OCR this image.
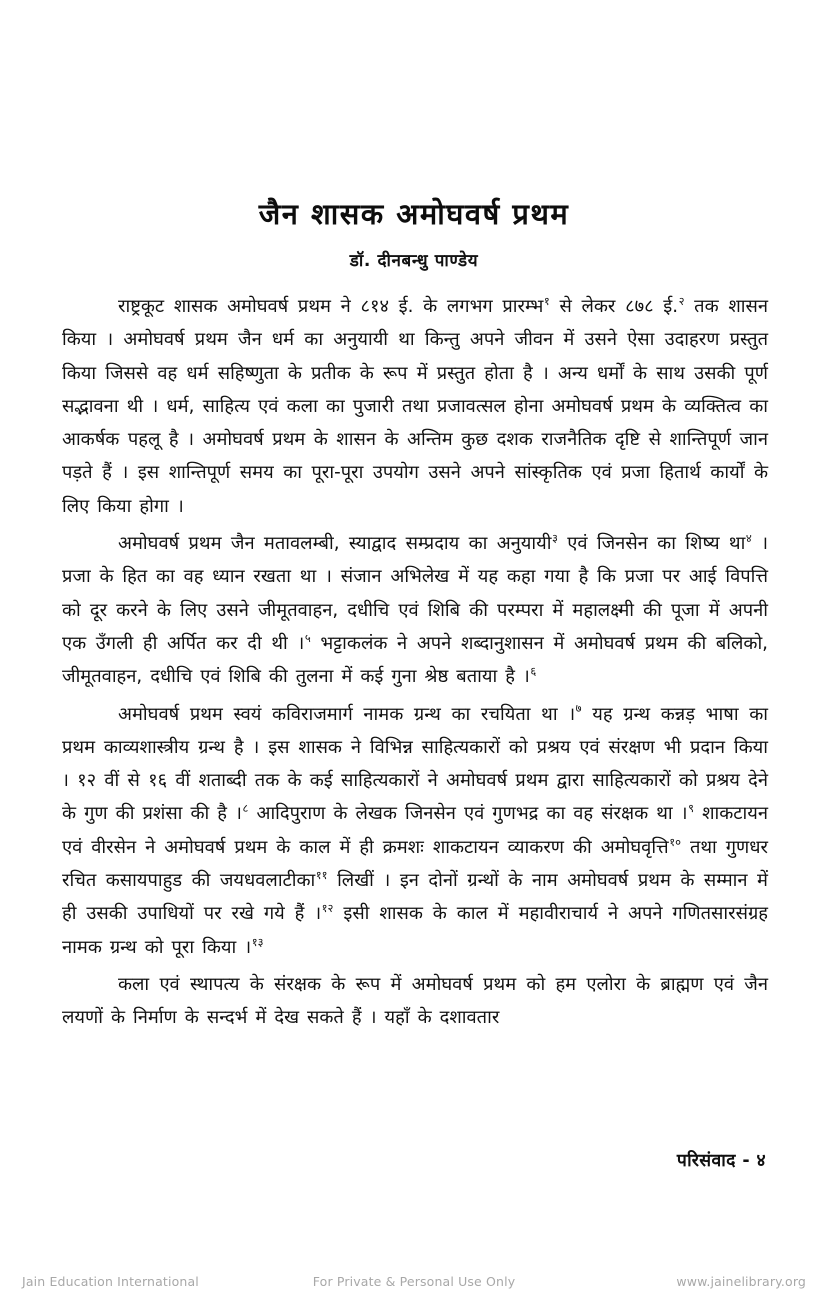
जैन शासक अमोघवर्ष प्रथम
डॉ. दीनबन्धु पाण्डेय

राष्ट्रकूट शासक अमोघवर्ष प्रथम ने ८१४ ई. के लगभग प्रारम्भ$^१$ से लेकर ८७८ ई.$^२$ तक शासन किया । अमोघवर्ष प्रथम जैन धर्म का अनुयायी था किन्तु अपने जीवन में उसने ऐसा उदाहरण प्रस्तुत किया जिससे वह धर्म सहिष्णुता के प्रतीक के रूप में प्रस्तुत होता है । अन्य धर्मों के साथ उसकी पूर्ण सद्भावना थी । धर्म, साहित्य एवं कला का पुजारी तथा प्रजावत्सल होना अमोघवर्ष प्रथम के व्यक्तित्व का आकर्षक पहलू है । अमोघवर्ष प्रथम के शासन के अन्तिम कुछ दशक राजनैतिक दृष्टि से शान्तिपूर्ण जान पड़ते हैं । इस शान्तिपूर्ण समय का पूरा-पूरा उपयोग उसने अपने सांस्कृतिक एवं प्रजा हितार्थ कार्यों के लिए किया होगा ।

अमोघवर्ष प्रथम जैन मतावलम्बी, स्याद्वाद सम्प्रदाय का अनुयायी$^३$ एवं जिनसेन का शिष्य था$^४$ । प्रजा के हित का वह ध्यान रखता था । संजान अभिलेख में यह कहा गया है कि प्रजा पर आई विपत्ति को दूर करने के लिए उसने जीमूतवाहन, दधीचि एवं शिबि की परम्परा में महालक्ष्मी की पूजा में अपनी एक उँगली ही अर्पित कर दी थी ।$^५$ भट्टाकलंक ने अपने शब्दानुशासन में अमोघवर्ष प्रथम की बलिको, जीमूतवाहन, दधीचि एवं शिबि की तुलना में कई गुना श्रेष्ठ बताया है ।$^६$

अमोघवर्ष प्रथम स्वयं कविराजमार्ग नामक ग्रन्थ का रचयिता था ।$^७$ यह ग्रन्थ कन्नड़ भाषा का प्रथम काव्यशास्त्रीय ग्रन्थ है । इस शासक ने विभिन्न साहित्यकारों को प्रश्रय एवं संरक्षण भी प्रदान किया । १२ वीं से १६ वीं शताब्दी तक के कई साहित्यकारों ने अमोघवर्ष प्रथम द्वारा साहित्यकारों को प्रश्रय देने के गुण की प्रशंसा की है ।$^८$ आदिपुराण के लेखक जिनसेन एवं गुणभद्र का वह संरक्षक था ।$^९$ शाकटायन एवं वीरसेन ने अमोघवर्ष प्रथम के काल में ही क्रमशः शाकटायन व्याकरण की अमोघवृत्ति$^{१०}$ तथा गुणधर रचित कसायपाहुड की जयधवलाटीका$^{११}$ लिखीं । इन दोनों ग्रन्थों के नाम अमोघवर्ष प्रथम के सम्मान में ही उसकी उपाधियों पर रखे गये हैं ।$^{१२}$ इसी शासक के काल में महावीराचार्य ने अपने गणितसारसंग्रह नामक ग्रन्थ को पूरा किया ।$^{१३}$

कला एवं स्थापत्य के संरक्षक के रूप में अमोघवर्ष प्रथम को हम एलोरा के ब्राह्मण एवं जैन लयणों के निर्माण के सन्दर्भ में देख सकते हैं । यहाँ के दशावतार

परिसंवाद - ४
Jain Education International	For Private & Personal Use Only	www.jainelibrary.org
